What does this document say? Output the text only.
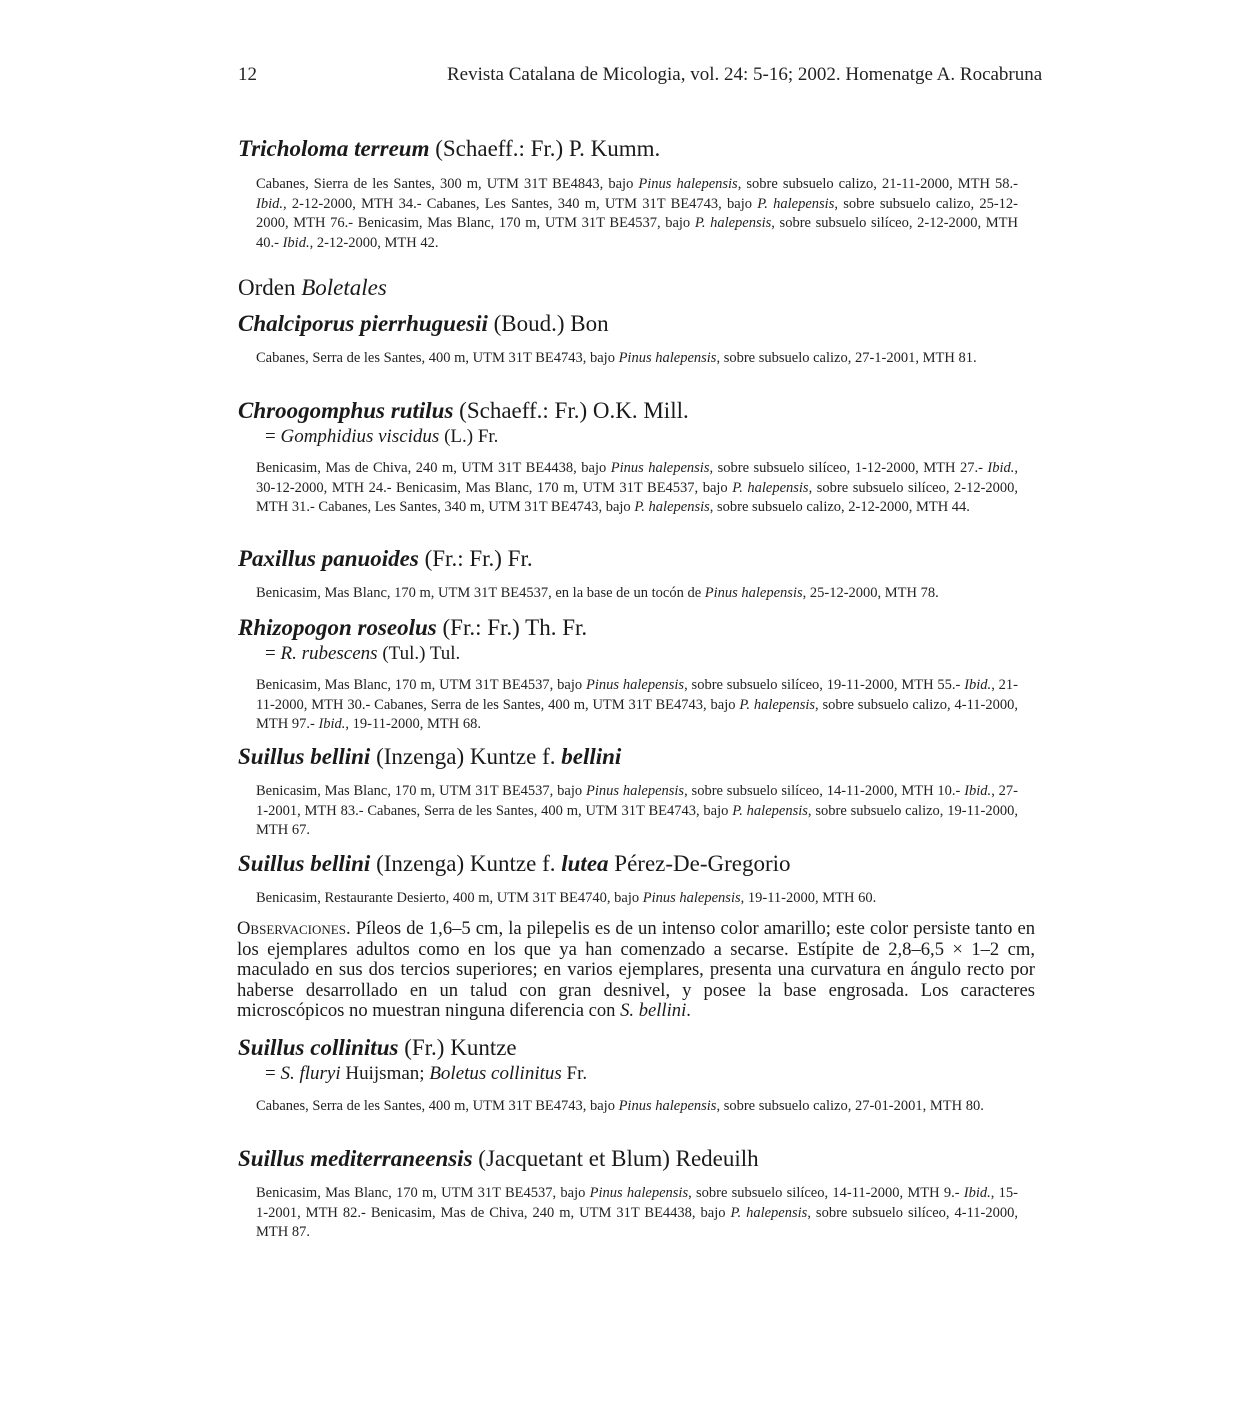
12	Revista Catalana de Micologia, vol. 24: 5-16; 2002. Homenatge A. Rocabruna
Tricholoma terreum (Schaeff.: Fr.) P. Kumm.
Cabanes, Sierra de les Santes, 300 m, UTM 31T BE4843, bajo Pinus halepensis, sobre subsuelo calizo, 21-11-2000, MTH 58.- Ibid., 2-12-2000, MTH 34.- Cabanes, Les Santes, 340 m, UTM 31T BE4743, bajo P. halepensis, sobre subsuelo calizo, 25-12-2000, MTH 76.- Benicasim, Mas Blanc, 170 m, UTM 31T BE4537, bajo P. halepensis, sobre subsuelo silíceo, 2-12-2000, MTH 40.- Ibid., 2-12-2000, MTH 42.
Orden Boletales
Chalciporus pierrhuguesii (Boud.) Bon
Cabanes, Serra de les Santes, 400 m, UTM 31T BE4743, bajo Pinus halepensis, sobre subsuelo calizo, 27-1-2001, MTH 81.
Chroogomphus rutilus (Schaeff.: Fr.) O.K. Mill.
= Gomphidius viscidus (L.) Fr.
Benicasim, Mas de Chiva, 240 m, UTM 31T BE4438, bajo Pinus halepensis, sobre subsuelo silíceo, 1-12-2000, MTH 27.- Ibid., 30-12-2000, MTH 24.- Benicasim, Mas Blanc, 170 m, UTM 31T BE4537, bajo P. halepensis, sobre subsuelo silíceo, 2-12-2000, MTH 31.- Cabanes, Les Santes, 340 m, UTM 31T BE4743, bajo P. halepensis, sobre subsuelo calizo, 2-12-2000, MTH 44.
Paxillus panuoides (Fr.: Fr.) Fr.
Benicasim, Mas Blanc, 170 m, UTM 31T BE4537, en la base de un tocón de Pinus halepensis, 25-12-2000, MTH 78.
Rhizopogon roseolus (Fr.: Fr.) Th. Fr.
= R. rubescens (Tul.) Tul.
Benicasim, Mas Blanc, 170 m, UTM 31T BE4537, bajo Pinus halepensis, sobre subsuelo silíceo, 19-11-2000, MTH 55.- Ibid., 21-11-2000, MTH 30.- Cabanes, Serra de les Santes, 400 m, UTM 31T BE4743, bajo P. halepensis, sobre subsuelo calizo, 4-11-2000, MTH 97.- Ibid., 19-11-2000, MTH 68.
Suillus bellini (Inzenga) Kuntze f. bellini
Benicasim, Mas Blanc, 170 m, UTM 31T BE4537, bajo Pinus halepensis, sobre subsuelo silíceo, 14-11-2000, MTH 10.- Ibid., 27-1-2001, MTH 83.- Cabanes, Serra de les Santes, 400 m, UTM 31T BE4743, bajo P. halepensis, sobre subsuelo calizo, 19-11-2000, MTH 67.
Suillus bellini (Inzenga) Kuntze f. lutea Pérez-De-Gregorio
Benicasim, Restaurante Desierto, 400 m, UTM 31T BE4740, bajo Pinus halepensis, 19-11-2000, MTH 60.
Observaciones. Píleos de 1,6–5 cm, la pilepelis es de un intenso color amarillo; este color persiste tanto en los ejemplares adultos como en los que ya han comenzado a secarse. Estípite de 2,8–6,5 × 1–2 cm, maculado en sus dos tercios superiores; en varios ejemplares, presenta una curvatura en ángulo recto por haberse desarrollado en un talud con gran desnivel, y posee la base engrosada. Los caracteres microscópicos no muestran ninguna diferencia con S. bellini.
Suillus collinitus (Fr.) Kuntze
= S. fluryi Huijsman; Boletus collinitus Fr.
Cabanes, Serra de les Santes, 400 m, UTM 31T BE4743, bajo Pinus halepensis, sobre subsuelo calizo, 27-01-2001, MTH 80.
Suillus mediterraneensis (Jacquetant et Blum) Redeuilh
Benicasim, Mas Blanc, 170 m, UTM 31T BE4537, bajo Pinus halepensis, sobre subsuelo silíceo, 14-11-2000, MTH 9.- Ibid., 15-1-2001, MTH 82.- Benicasim, Mas de Chiva, 240 m, UTM 31T BE4438, bajo P. halepensis, sobre subsuelo silíceo, 4-11-2000, MTH 87.
